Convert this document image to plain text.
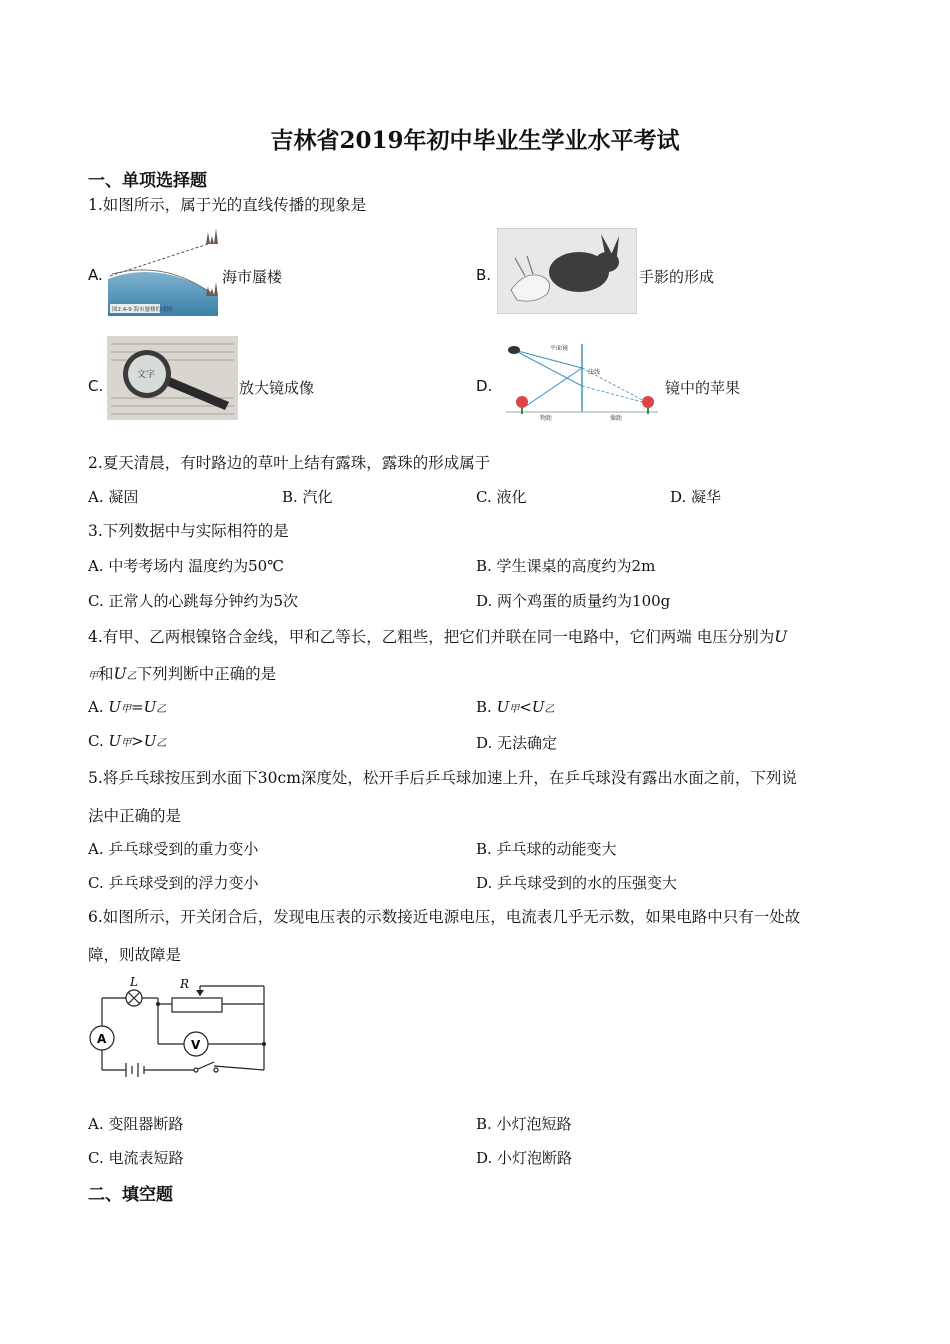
吉林省2019年初中毕业生学业水平考试
一、单项选择题
1.如图所示，属于光的直线传播的现象是
A.
图2.4-9 海市蜃楼的成因
海市蜃楼	B.	手影的形成
C.
文字
放大镜成像	D.
平面镜
法线
物距	像距
镜中的苹果
2.夏天清晨，有时路边的草叶上结有露珠，露珠的形成属于
A. 凝固	B. 汽化	C. 液化	D. 凝华
3.下列数据中与实际相符的是
A. 中考考场内 温度约为50℃	B. 学生课桌的高度约为2m
C. 正常人的心跳每分钟约为5次	D. 两个鸡蛋的质量约为100g
4.有甲、乙两根镍铬合金线，甲和乙等长，乙粗些，把它们并联在同一电路中，它们两端 电压分别为U
甲和U乙下列判断中正确的是
A. U甲=U乙	B. U甲<U乙
C. U甲>U乙	D. 无法确定
5.将乒乓球按压到水面下30cm深度处，松开手后乒乓球加速上升，在乒乓球没有露出水面之前，下列说
法中正确的是
A. 乒乓球受到的重力变小	B. 乒乓球的动能变大
C. 乒乓球受到的浮力变小	D. 乒乓球受到的水的压强变大
6.如图所示，开关闭合后，发现电压表的示数接近电源电压，电流表几乎无示数，如果电路中只有一处故
障，则故障是
L	R
A	V
A. 变阻器断路	B. 小灯泡短路
C. 电流表短路	D. 小灯泡断路
二、填空题
